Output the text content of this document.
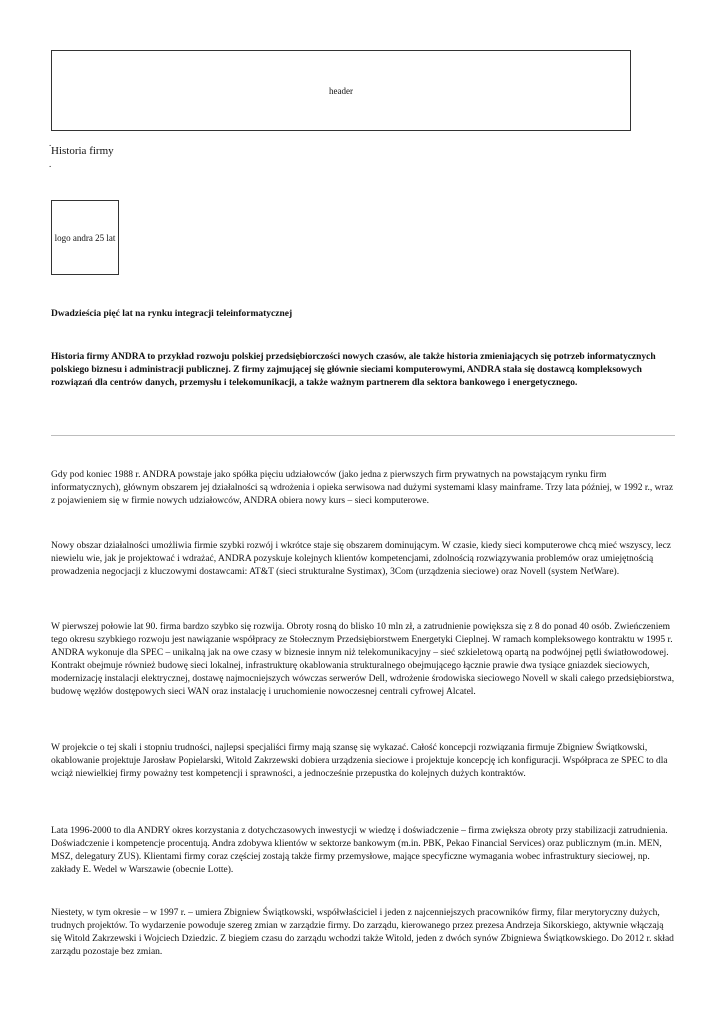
header
.
Historia firmy
.
logo andra 25 lat
Dwadzieścia pięć lat na rynku integracji teleinformatycznej

Historia firmy ANDRA to przykład rozwoju polskiej przedsiębiorczości nowych czasów, ale także historia zmieniających się potrzeb informatycznych polskiego biznesu i administracji publicznej. Z firmy zajmującej się głównie sieciami komputerowymi, ANDRA stała się dostawcą kompleksowych rozwiązań dla centrów danych, przemysłu i telekomunikacji, a także ważnym partnerem dla sektora bankowego i energetycznego.

Gdy pod koniec 1988 r. ANDRA powstaje jako spółka pięciu udziałowców (jako jedna z pierwszych firm prywatnych na powstającym rynku firm informatycznych), głównym obszarem jej działalności są wdrożenia i opieka serwisowa nad dużymi systemami klasy mainframe. Trzy lata później, w 1992 r., wraz z pojawieniem się w firmie nowych udziałowców, ANDRA obiera nowy kurs – sieci komputerowe.

Nowy obszar działalności umożliwia firmie szybki rozwój i wkrótce staje się obszarem dominującym. W czasie, kiedy sieci komputerowe chcą mieć wszyscy, lecz niewielu wie, jak je projektować i wdrażać, ANDRA pozyskuje kolejnych klientów kompetencjami, zdolnością rozwiązywania problemów oraz umiejętnością prowadzenia negocjacji z kluczowymi dostawcami: AT&T (sieci strukturalne Systimax), 3Com (urządzenia sieciowe) oraz Novell (system NetWare).

W pierwszej połowie lat 90. firma bardzo szybko się rozwija. Obroty rosną do blisko 10 mln zł, a zatrudnienie powiększa się z 8 do ponad 40 osób. Zwieńczeniem tego okresu szybkiego rozwoju jest nawiązanie współpracy ze Stołecznym Przedsiębiorstwem Energetyki Cieplnej. W ramach kompleksowego kontraktu w 1995 r. ANDRA wykonuje dla SPEC – unikalną jak na owe czasy w biznesie innym niż telekomunikacyjny – sieć szkieletową opartą na podwójnej pętli światłowodowej. Kontrakt obejmuje również budowę sieci lokalnej, infrastrukturę okablowania strukturalnego obejmującego łącznie prawie dwa tysiące gniazdek sieciowych, modernizację instalacji elektrycznej, dostawę najmocniejszych wówczas serwerów Dell, wdrożenie środowiska sieciowego Novell w skali całego przedsiębiorstwa, budowę węzłów dostępowych sieci WAN oraz instalację i uruchomienie nowoczesnej centrali cyfrowej Alcatel.

W projekcie o tej skali i stopniu trudności, najlepsi specjaliści firmy mają szansę się wykazać. Całość koncepcji rozwiązania firmuje Zbigniew Świątkowski, okablowanie projektuje Jarosław Popielarski, Witold Zakrzewski dobiera urządzenia sieciowe i projektuje koncepcję ich konfiguracji. Współpraca ze SPEC to dla wciąż niewielkiej firmy poważny test kompetencji i sprawności, a jednocześnie przepustka do kolejnych dużych kontraktów.

Lata 1996-2000 to dla ANDRY okres korzystania z dotychczasowych inwestycji w wiedzę i doświadczenie – firma zwiększa obroty przy stabilizacji zatrudnienia. Doświadczenie i kompetencje procentują. Andra zdobywa klientów w sektorze bankowym (m.in. PBK, Pekao Financial Services) oraz publicznym (m.in. MEN, MSZ, delegatury ZUS). Klientami firmy coraz częściej zostają także firmy przemysłowe, mające specyficzne wymagania wobec infrastruktury sieciowej, np. zakłady E. Wedel w Warszawie (obecnie Lotte).

Niestety, w tym okresie – w 1997 r. – umiera Zbigniew Świątkowski, współwłaściciel i jeden z najcenniejszych pracowników firmy, filar merytoryczny dużych, trudnych projektów. To wydarzenie powoduje szereg zmian w zarządzie firmy. Do zarządu, kierowanego przez prezesa Andrzeja Sikorskiego, aktywnie włączają się Witold Zakrzewski i Wojciech Dziedzic. Z biegiem czasu do zarządu wchodzi także Witold, jeden z dwóch synów Zbigniewa Świątkowskiego. Do 2012 r. skład zarządu pozostaje bez zmian.
